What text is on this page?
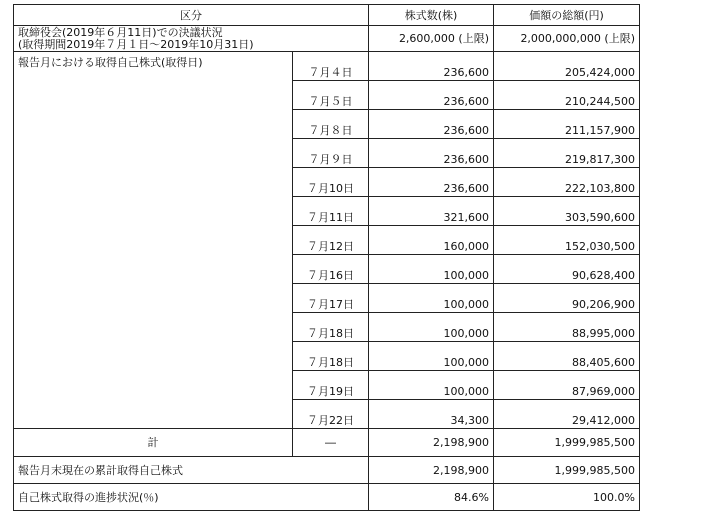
区分		株式数(株)	価額の総額(円)

取締役会(2019年６月11日)での決議状況
(取得期間2019年７月１日～2019年10月31日)		2,600,000 (上限)	2,000,000,000 (上限)
報告月における取得自己株式(取得日)	７月４日	236,600	205,424,000
	７月５日	236,600	210,244,500
	７月８日	236,600	211,157,900
	７月９日	236,600	219,817,300
	７月10日	236,600	222,103,800
	７月11日	321,600	303,590,600
	７月12日	160,000	152,030,500
	７月16日	100,000	90,628,400
	７月17日	100,000	90,206,900
	７月18日	100,000	88,995,000
	７月18日	100,000	88,405,600
	７月19日	100,000	87,969,000
	７月22日	34,300	29,412,000
計	―	2,198,900	1,999,985,500
報告月末現在の累計取得自己株式		2,198,900	1,999,985,500
自己株式取得の進捗状況(％)		84.6%	100.0%
